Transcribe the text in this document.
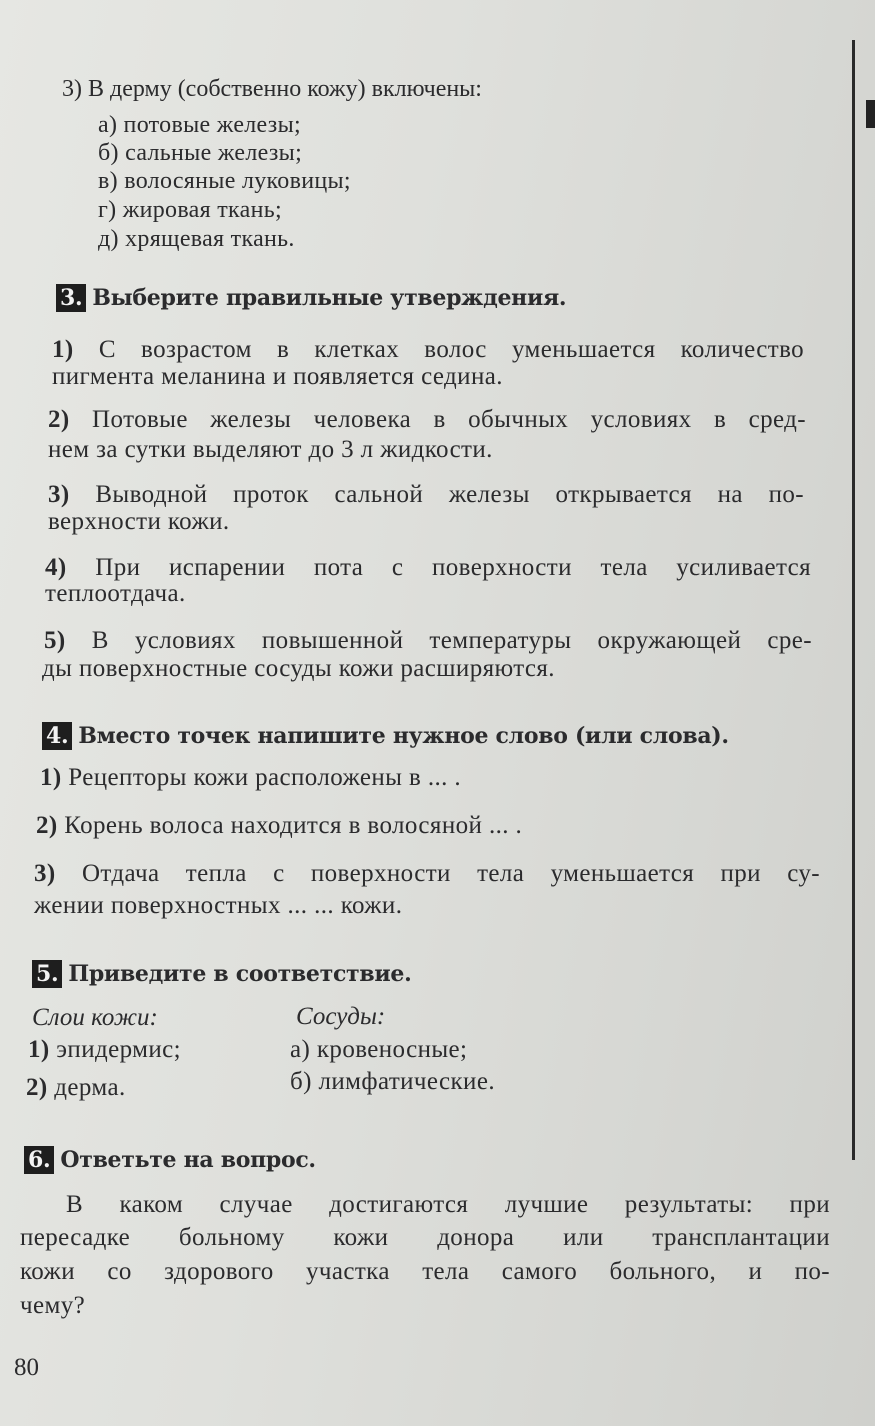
3) В дерму (собственно кожу) включены:
а) потовые железы;
б) сальные железы;
в) волосяные луковицы;
г) жировая ткань;
д) хрящевая ткань.
3. Выберите правильные утверждения.
1) С возрастом в клетках волос уменьшается количество
пигмента меланина и появляется седина.
2) Потовые железы человека в обычных условиях в сред-
нем за сутки выделяют до 3 л жидкости.
3) Выводной проток сальной железы открывается на по-
верхности кожи.
4) При испарении пота с поверхности тела усиливается
теплоотдача.
5) В условиях повышенной температуры окружающей сре-
ды поверхностные сосуды кожи расширяются.
4. Вместо точек напишите нужное слово (или слова).
1) Рецепторы кожи расположены в ... .
2) Корень волоса находится в волосяной ... .
3) Отдача тепла с поверхности тела уменьшается при су-
жении поверхностных ... ... кожи.
5. Приведите в соответствие.
Слои кожи:	Сосуды:
1) эпидермис;
2) дерма.
а) кровеносные;
б) лимфатические.
6. Ответьте на вопрос.
В каком случае достигаются лучшие результаты: при
пересадке больному кожи донора или трансплантации
кожи со здорового участка тела самого больного, и по-
чему?
80
